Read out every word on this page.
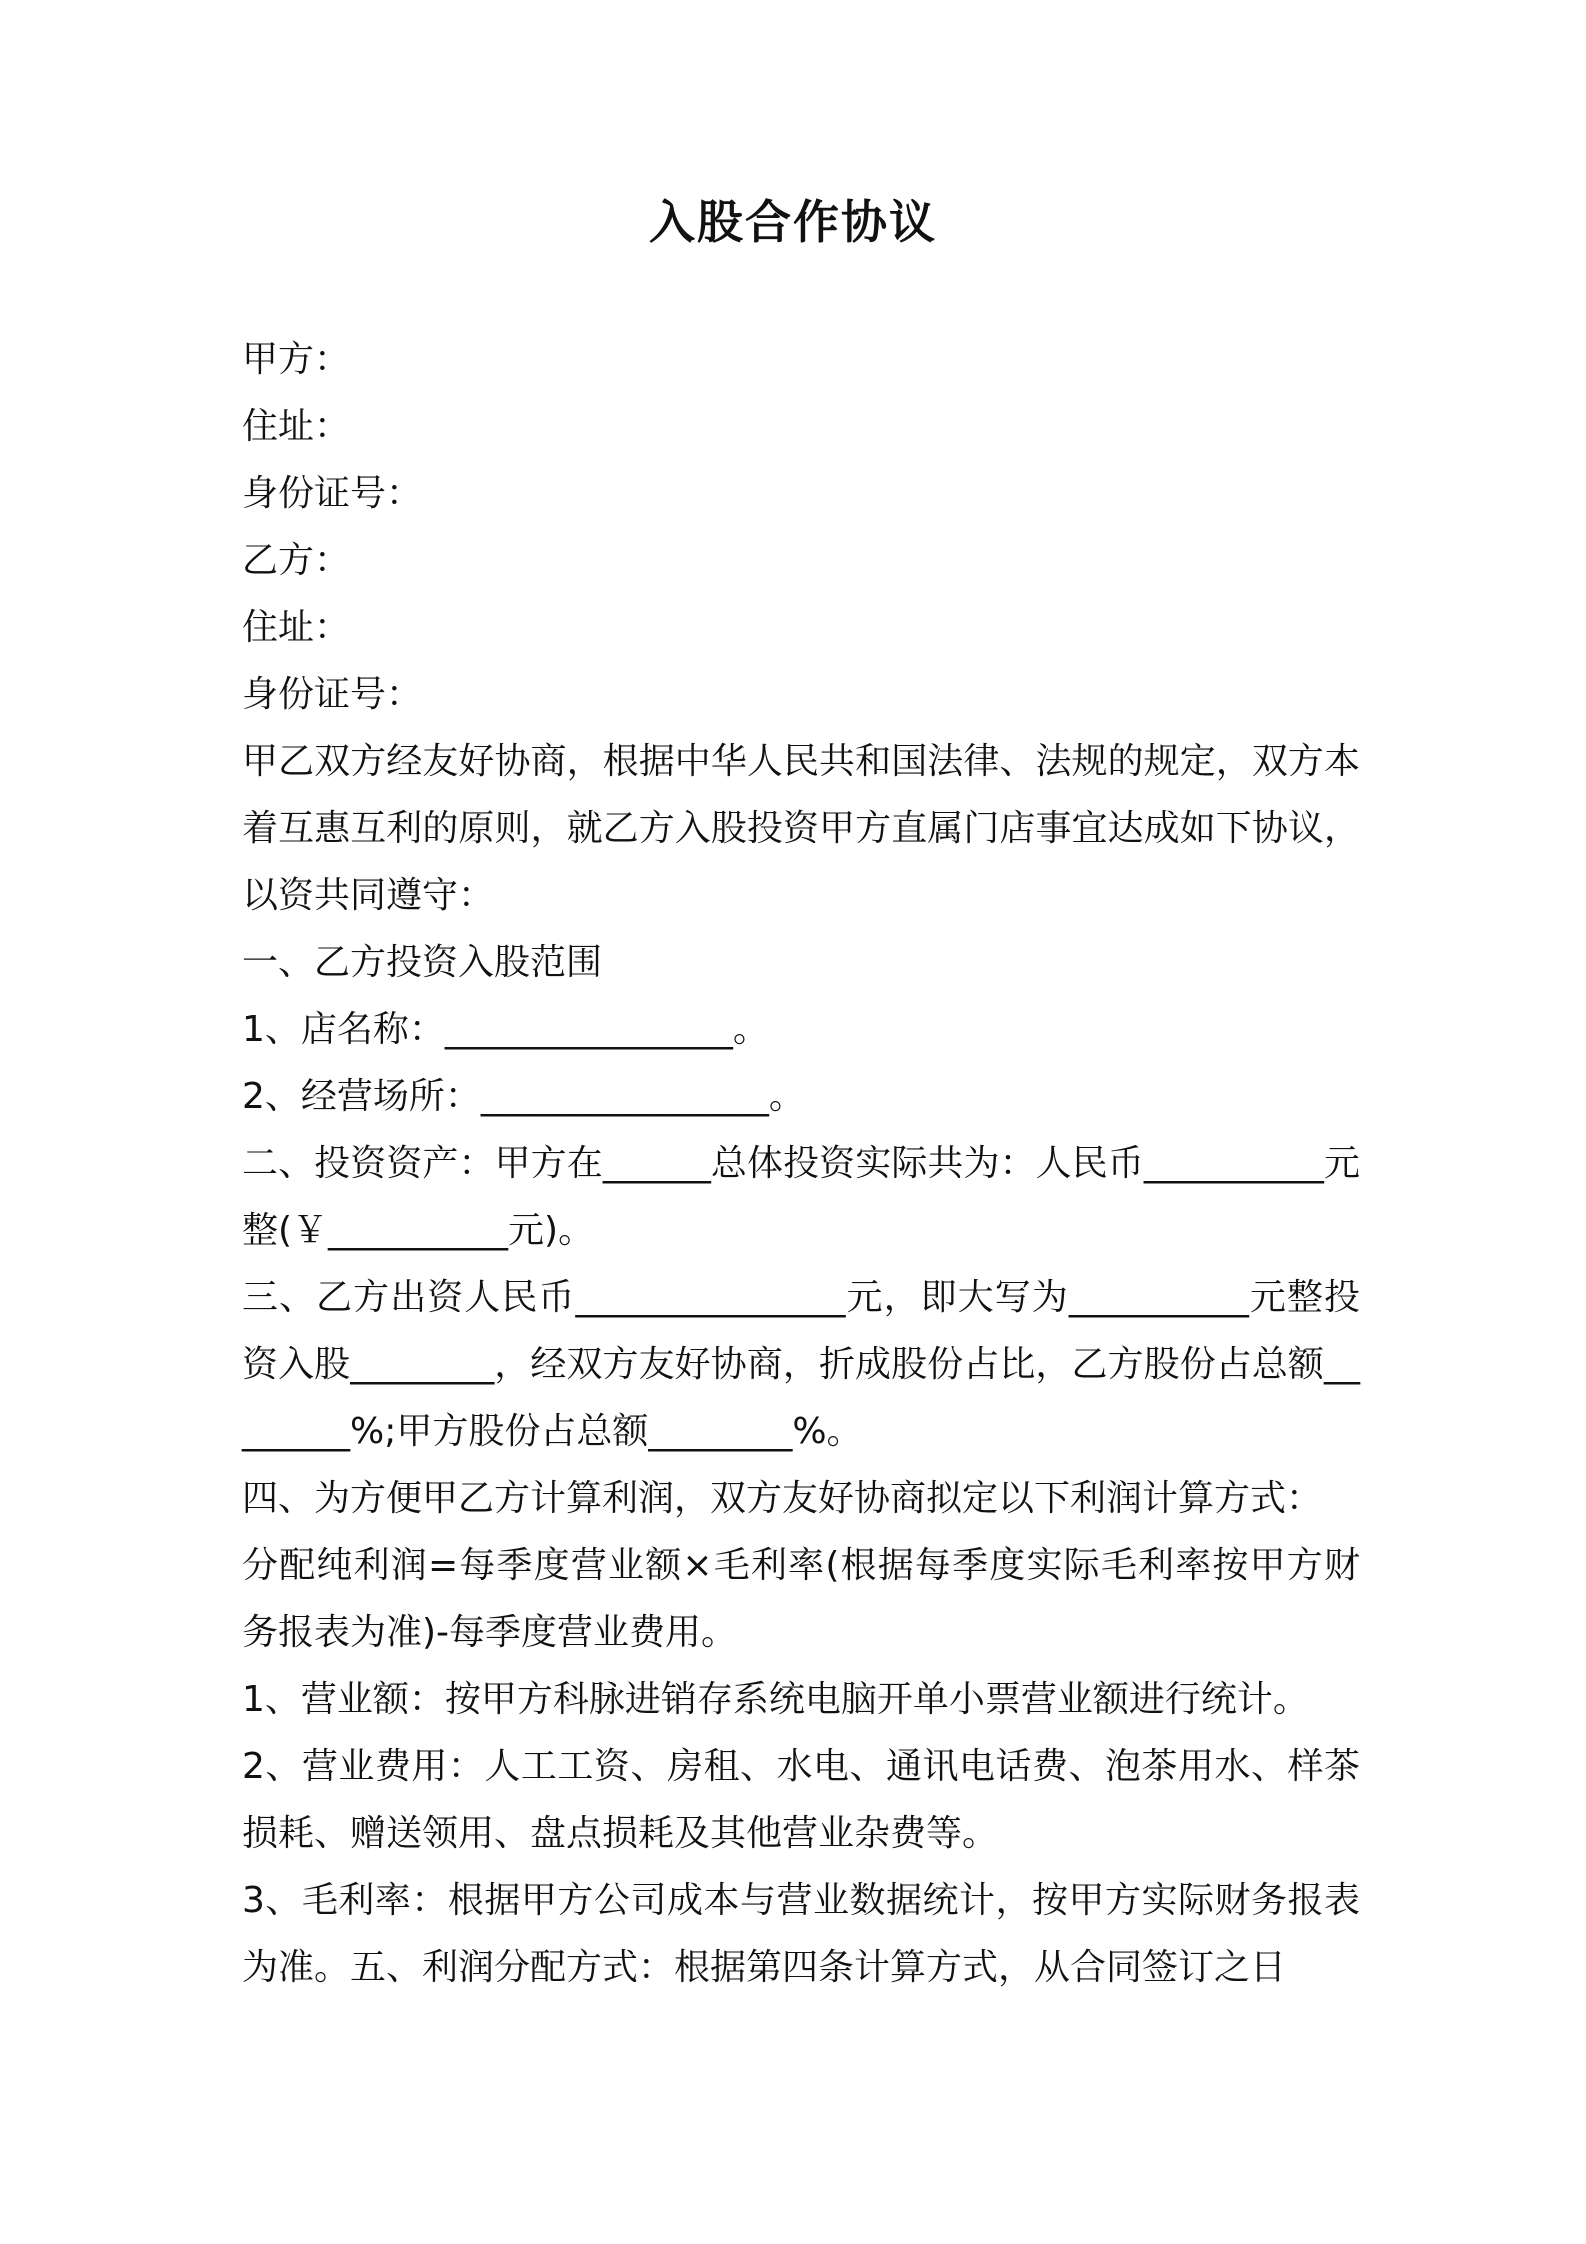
入股合作协议
甲方：
住址：
身份证号：
乙方：
住址：
身份证号：
甲乙双方经友好协商，根据中华人民共和国法律、法规的规定，双方本着互惠互利的原则，就乙方入股投资甲方直属门店事宜达成如下协议，以资共同遵守：
一、乙方投资入股范围
1、店名称：________________。
2、经营场所：________________。
二、投资资产：甲方在______总体投资实际共为：人民币__________元整(￥__________元)。
三、乙方出资人民币_______________元，即大写为__________元整投资入股________，经双方友好协商，折成股份占比，乙方股份占总额________%;甲方股份占总额________%。
四、为方便甲乙方计算利润，双方友好协商拟定以下利润计算方式：
分配纯利润=每季度营业额×毛利率(根据每季度实际毛利率按甲方财务报表为准)-每季度营业费用。
1、营业额：按甲方科脉进销存系统电脑开单小票营业额进行统计。
2、营业费用：人工工资、房租、水电、通讯电话费、泡茶用水、样茶损耗、赠送领用、盘点损耗及其他营业杂费等。
3、毛利率：根据甲方公司成本与营业数据统计，按甲方实际财务报表为准。五、利润分配方式：根据第四条计算方式，从合同签订之日
